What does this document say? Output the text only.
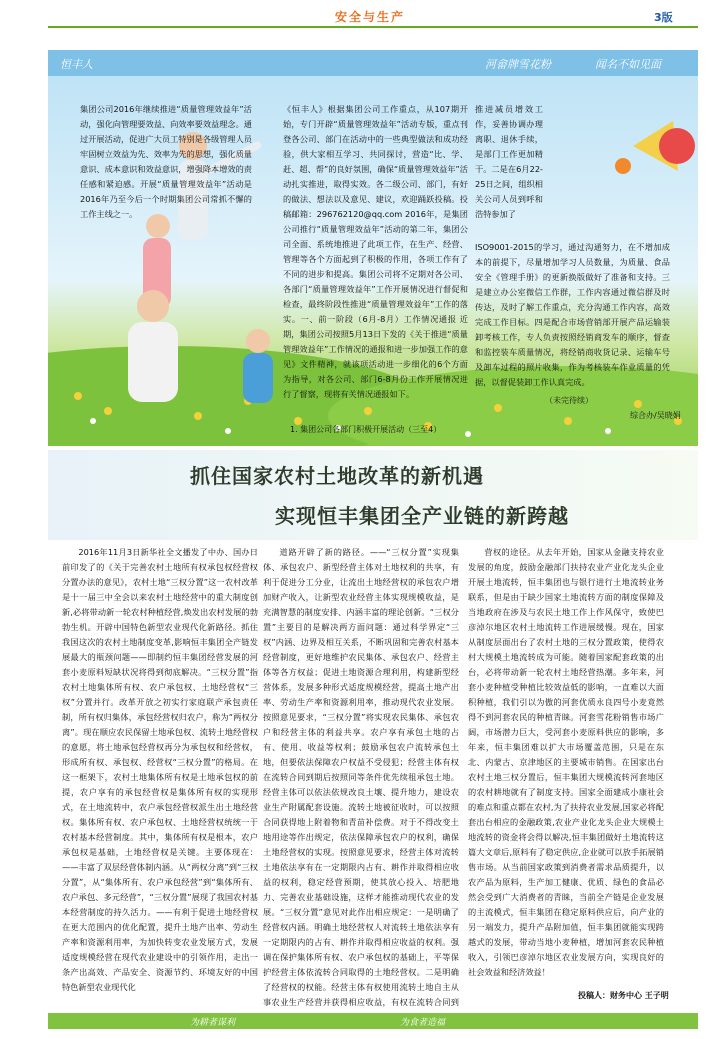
安全与生产	3版
恒丰人	河畲牌雪花粉	闻名不如见面
集团公司2016年继续推进“质量管理效益年”活动，强化向管理要效益、向效率要效益理念。通过开展活动，促进广大员工特别是各级管理人员牢固树立效益为先、效率为先的思想，强化质量意识、成本意识和效益意识，增强降本增效的责任感和紧迫感。开展“质量管理效益年”活动是2016年乃至今后一个时期集团公司常抓不懈的工作主线之一。
《恒丰人》根据集团公司工作重点，从107期开始，专门开辟“质量管理效益年”活动专版，重点刊登各公司、部门在活动中的一些典型做法和成功经验，供大家相互学习、共同探讨，营造“比、学、赶、超、帮”的良好氛围，确保“质量管理效益年”活动扎实推进，取得实效。各二级公司、部门，有好的做法、想法以及意见、建议，欢迎踊跃投稿。投稿邮箱：296762120@qq.com 2016年，是集团公司推行“质量管理效益年”活动的第二年，集团公司全面、系统地推进了此项工作，在生产、经营、管理等各个方面起到了积极的作用，各项工作有了不同的进步和提高。集团公司将不定期对各公司、各部门“质量管理效益年”工作开展情况进行督促和检查，最终阶段性推进“质量管理效益年”工作的落实。一、前一阶段（6月-8月）工作情况通报 近期，集团公司按照5月13日下发的《关于推进“质量管理效益年”工作情况的通报和进一步加强工作的意见》文件精神，就该项活动进一步细化的6个方面为指导，对各公司、部门6-8月份工作开展情况进行了督察，现将有关情况通报如下。
推进减员增效工作，妥善协调办理离职、退休手续，是部门工作更加精干。二是在6月22-25日之间，组织相关公司人员到呼和浩特参加了
ISO9001-2015的学习，通过沟通努力，在不增加成本的前提下，尽量增加学习人员数量，为质量、食品安全《管理手册》的更新换版做好了准备和支持。三是建立办公室微信工作群，工作内容通过微信群及时传达，及时了解工作重点，充分沟通工作内容，高效完成工作目标。四是配合市场营销部开展产品运输装卸考核工作，专人负责按照经销商发车的顺序，督查和监控装车质量情况，将经销商收货记录、运输车号及卸车过程的照片收集，作为考核装车作业质量的凭据，以督促装卸工作认真完成。
1. 集团公司各部门积极开展活动（三至4）
（未完待续）
综合办/吴晓娟
抓住国家农村土地改革的新机遇
实现恒丰集团全产业链的新跨越

2016年11月3日新华社全文播发了中办、国办日前印发了的《关于完善农村土地所有权承包权经营权分置办法的意见》，农村土地“三权分置”这一农村改革是十一届三中全会以来农村土地经营中的重大制度创新,必将带动新一轮农村种植经营,焕发出农村发展的勃勃生机。开辟中国特色新型农业现代化新路径。抓住我国这次的农村土地制度变革,影响恒丰集团全产链发展最大的瓶颈问题——即制约恒丰集团经营发展的河套小麦原料短缺状况将得到彻底解决。“三权分置”指农村土地集体所有权、农户承包权、土地经营权“三权”分置并行。改革开放之初实行家庭联产承包责任制，所有权归集体，承包经营权归农户，称为“两权分离”。现在顺应农民保留土地承包权、流转土地经营权的意愿，将土地承包经营权再分为承包权和经营权，形成所有权、承包权、经营权“三权分置”的格局。在这一框架下，农村土地集体所有权是土地承包权的前提，农户享有的承包经营权是集体所有权的实现形式，在土地流转中，农户承包经营权派生出土地经营权。集体所有权、农户承包权、土地经营权统统一于农村基本经营制度。其中，集体所有权是根本，农户承包权是基础，土地经营权是关键。主要体现在：——丰富了双层经营体制内涵。从“两权分离”到“三权分置”，从“集体所有、农户承包经营”到“集体所有、农户承包、多元经营”，“三权分置”展现了我国农村基本经营制度的持久活力。——有利于促进土地经营权在更大范围内的优化配置，提升土地产出率、劳动生产率和资源利用率，为加快转变农业发展方式，发展适度规模经营在现代农业建设中的引领作用，走出一条产出高效、产品安全、资源节约、环境友好的中国特色新型农业现代化

道路开辟了新的路径。——“三权分置”实现集体、承包农户、新型经营主体对土地权利的共享，有利于促进分工分业，让流出土地经营权的承包农户增加财产收入，让新型农业经营主体实现规模收益，是充满智慧的制度安排、内涵丰富的理论创新。“三权分置”主要目的是解决两方面问题：通过科学界定“三权”内涵、边界及相互关系，不断巩固和完善农村基本经营制度，更好地维护农民集体、承包农户、经营主体等各方权益；促进土地资源合理利用，构建新型经营体系，发展多种形式适度规模经营，提高土地产出率、劳动生产率和资源利用率，推动现代农业发展。按照意见要求，“三权分置”将实现农民集体、承包农户和经营主体的利益共享。农户享有承包土地的占有、使用、收益等权利；鼓励承包农户流转承包土地，但要依法保障农户权益不受侵犯；经营主体有权在流转合同到期后按照同等条件优先续租承包土地。经营主体可以依法依规改良土壤、提升地力，建设农业生产附属配套设施。流转土地被征收时，可以按照合同获得地上附着物和青苗补偿费。对于不得改变土地用途等作出规定，依法保障承包农户的权利，确保土地经营权的实现。按照意见要求，经营主体对流转土地依法享有在一定期限内占有、耕作并取得相应收益的权利，稳定经营预期，使其放心投入、培肥地力、完善农业基础设施，这样才能推动现代农业的发展。“三权分置”意见对此作出相应规定：一是明确了经营权内涵。明确土地经营权人对流转土地依法享有一定期限内的占有、耕作并取得相应收益的权利。强调在保护集体所有权、农户承包权的基础上，平等保护经营主体依流转合同取得的土地经营权。二是明确了经营权的权能。经营主体有权使用流转土地自主从事农业生产经营并获得相应收益，有权在流转合同到

营权的途径。从去年开始，国家从金融支持农业发展的角度，鼓励金融部门扶持农业产业化龙头企业开展土地流转，恒丰集团也与银行进行土地流转业务联系，但是由于缺少国家土地流转方面的制度保障及当地政府在涉及与农民土地工作上作风保守，致使巴彦淖尔地区农村土地流转工作进展缓慢。现在，国家从制度层面出台了农村土地的三权分置政策，使得农村大规模土地流转成为可能。随着国家配套政策的出台，必将带动新一轮农村土地经营热潮。多年来，河套小麦种植受种植比较效益低的影响，一直难以大面积种植，我们引以为傲的河套优质永良四号小麦竟然得不到河套农民的种植青睐。河套雪花粉销售市场广阔，市场潜力巨大，受河套小麦原料供应的影响，多年来，恒丰集团难以扩大市场覆盖范围，只是在东北、内蒙古、京津地区的主要城市销售。在国家出台农村土地三权分置后，恒丰集团大规模流转河套地区的农村耕地就有了制度支持。国家全面建成小康社会的难点和重点都在农村,为了扶持农业发展,国家必将配套出台相应的金融政策,农业产业化龙头企业大规模土地流转的资金将会得以解决,恒丰集团做好土地流转这篇大文章后,原料有了稳定供应,企业就可以放手拓展销售市场。从当前国家政策到消费者需求品质提升，以农产品为原料，生产加工健康、优质、绿色的食品必然会受到广大消费者的青睐，当前全产链是企业发展的主流模式，恒丰集团在稳定原料供应后，向产业的另一端发力，提升产品附加值，恒丰集团就能实现跨越式的发展，带动当地小麦种植，增加河套农民种植收入，引领巴彦淖尔地区农业发展方向，实现良好的社会效益和经济效益！

投稿人：财务中心 王子明
为耕者谋利	为食者造福
